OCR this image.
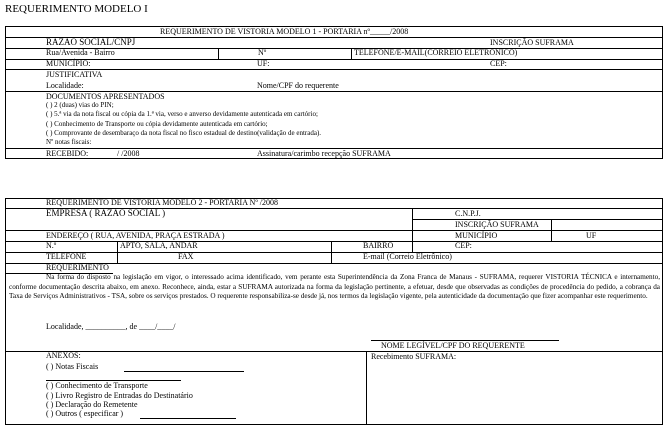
REQUERIMENTO MODELO I
REQUERIMENTO DE VISTORIA MODELO 1 - PORTARIA nº_____/2008
RAZÃO SOCIAL/CNPJ	INSCRIÇÃO SUFRAMA
Rua/Avenida - Bairro	Nº	TELEFONE/E-MAIL(CORREIO ELETRONICO)
MUNICÍPIO:	UF:	CEP:
JUSTIFICATIVA
Localidade:	Nome/CPF do requerente
DOCUMENTOS APRESENTADOS
( ) 2 (duas) vias do PIN;
( ) 5.ª via da nota fiscal ou cópia da 1.ª via, verso e anverso devidamente autenticada em cartório;
( ) Conhecimento de Transporte ou cópia devidamente autenticada em cartório;
( ) Comprovante de desembaraço da nota fiscal no fisco estadual de destino(validação de entrada).
Nº notas fiscais:
RECEBIDO:	/ /2008	Assinatura/carimbo recepção SUFRAMA
REQUERIMENTO DE VISTORIA MODELO 2 - PORTARIA Nº /2008
EMPRESA ( RAZÃO SOCIAL )	C.N.P.J.
INSCRIÇÃO SUFRAMA
ENDEREÇO ( RUA, AVENIDA, PRAÇA ESTRADA )	MUNICÍPIO	UF
N.º	APTO, SALA, ANDAR	BAIRRO	CEP:
TELEFONE	FAX	E-mail (Correio Eletrônico)
REQUERIMENTO
Na forma do disposto na legislação em vigor, o interessado acima identificado, vem perante esta Superintendência da Zona Franca de Manaus - SUFRAMA, requerer VISTORIA TÉCNICA e internamento, conforme documentação descrita abaixo, em anexo. Reconhece, ainda, estar a SUFRAMA autorizada na forma da legislação pertinente, a efetuar, desde que observadas as condições de procedência do pedido, a cobrança da Taxa de Serviços Administrativos - TSA, sobre os serviços prestados. O requerente responsabiliza-se desde já, nos termos da legislação vigente, pela autenticidade da documentação que fizer acompanhar este requerimento.
Localidade, __________, de ____/____/
NOME LEGÍVEL/CPF DO REQUERENTE
ANEXOS:
( ) Notas Fiscais
( ) Conhecimento de Transporte
( ) Livro Registro de Entradas do Destinatário
( ) Declaração do Remetente
( ) Outros ( especificar )
Recebimento SUFRAMA:
